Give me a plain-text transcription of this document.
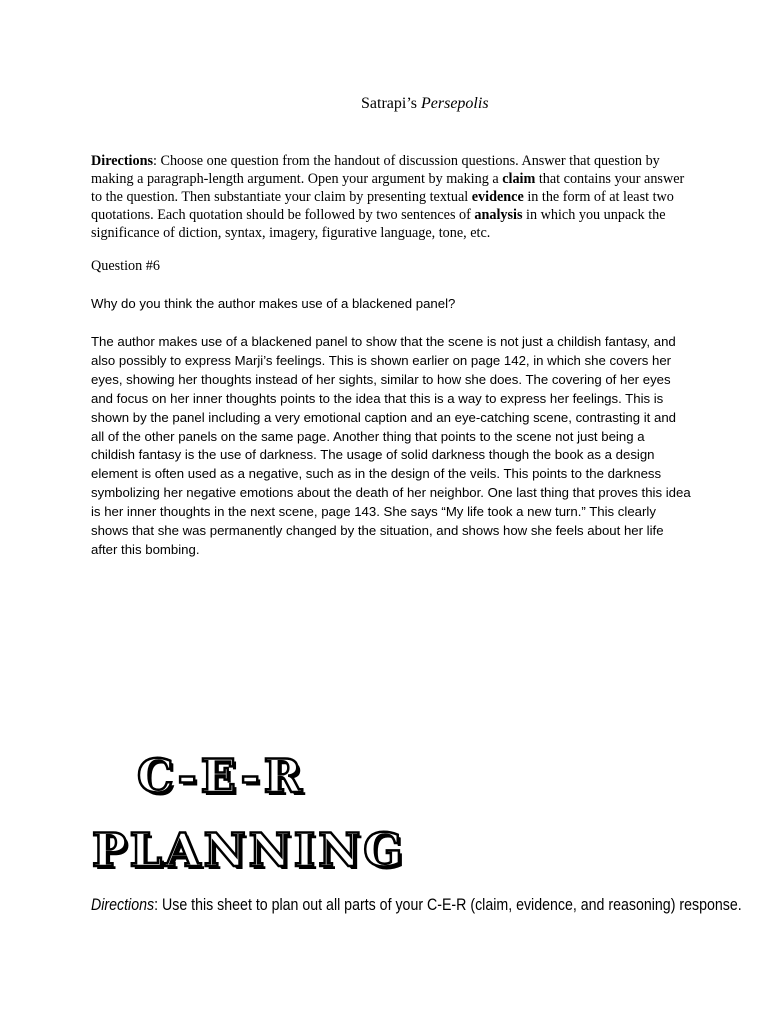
Satrapi’s Persepolis
Directions: Choose one question from the handout of discussion questions. Answer that question by making a paragraph-length argument. Open your argument by making a claim that contains your answer to the question. Then substantiate your claim by presenting textual evidence in the form of at least two quotations. Each quotation should be followed by two sentences of analysis in which you unpack the significance of diction, syntax, imagery, figurative language, tone, etc.
Question #6
Why do you think the author makes use of a blackened panel?
The author makes use of a blackened panel to show that the scene is not just a childish fantasy, and also possibly to express Marji’s feelings. This is shown earlier on page 142, in which she covers her eyes, showing her thoughts instead of her sights, similar to how she does. The covering of her eyes and focus on her inner thoughts points to the idea that this is a way to express her feelings. This is shown by the panel including a very emotional caption and an eye-catching scene, contrasting it and all of the other panels on the same page. Another thing that points to the scene not just being a childish fantasy is the use of darkness. The usage of solid darkness though the book as a design element is often used as a negative, such as in the design of the veils. This points to the darkness symbolizing her negative emotions about the death of her neighbor. One last thing that proves this idea is her inner thoughts in the next scene, page 143. She says “My life took a new turn.” This clearly shows that she was permanently changed by the situation, and shows how she feels about her life after this bombing.
C-E-R
PLANNING
Directions: Use this sheet to plan out all parts of your C-E-R (claim, evidence, and reasoning) response.
